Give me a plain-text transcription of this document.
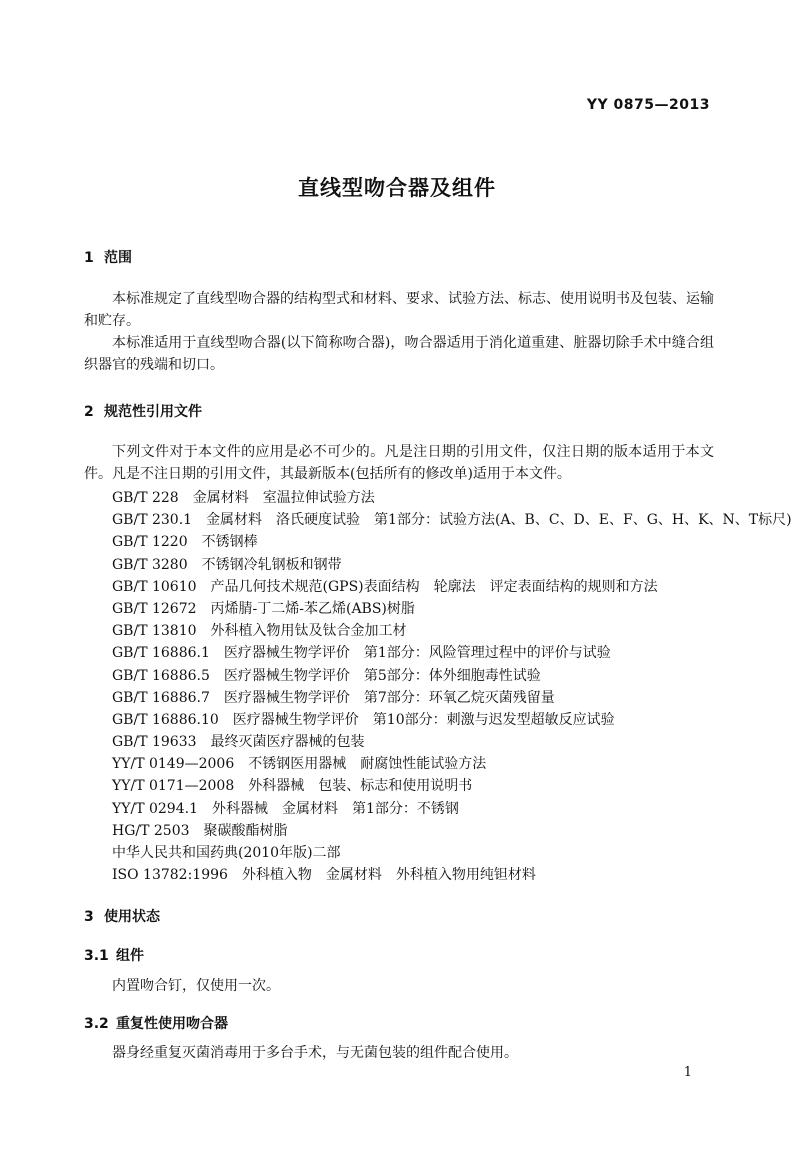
YY 0875—2013
直线型吻合器及组件
1 范围

本标准规定了直线型吻合器的结构型式和材料、要求、试验方法、标志、使用说明书及包装、运输和贮存。

本标准适用于直线型吻合器(以下简称吻合器)，吻合器适用于消化道重建、脏器切除手术中缝合组织器官的残端和切口。

2 规范性引用文件

下列文件对于本文件的应用是必不可少的。凡是注日期的引用文件，仅注日期的版本适用于本文件。凡是不注日期的引用文件，其最新版本(包括所有的修改单)适用于本文件。

GB/T 228 金属材料　室温拉伸试验方法
GB/T 230.1 金属材料　洛氏硬度试验　第1部分：试验方法(A、B、C、D、E、F、G、H、K、N、T标尺)
GB/T 1220 不锈钢棒
GB/T 3280 不锈钢冷轧钢板和钢带
GB/T 10610 产品几何技术规范(GPS)表面结构　轮廓法　评定表面结构的规则和方法
GB/T 12672 丙烯腈-丁二烯-苯乙烯(ABS)树脂
GB/T 13810 外科植入物用钛及钛合金加工材
GB/T 16886.1 医疗器械生物学评价　第1部分：风险管理过程中的评价与试验
GB/T 16886.5 医疗器械生物学评价　第5部分：体外细胞毒性试验
GB/T 16886.7 医疗器械生物学评价　第7部分：环氧乙烷灭菌残留量
GB/T 16886.10 医疗器械生物学评价　第10部分：刺激与迟发型超敏反应试验
GB/T 19633 最终灭菌医疗器械的包装
YY/T 0149—2006 不锈钢医用器械　耐腐蚀性能试验方法
YY/T 0171—2008 外科器械　包装、标志和使用说明书
YY/T 0294.1 外科器械　金属材料　第1部分：不锈钢
HG/T 2503 聚碳酸酯树脂
中华人民共和国药典(2010年版)二部
ISO 13782:1996 外科植入物　金属材料　外科植入物用纯钽材料
3 使用状态
3.1 组件

内置吻合钉，仅使用一次。

3.2 重复性使用吻合器

器身经重复灭菌消毒用于多台手术，与无菌包装的组件配合使用。

1
